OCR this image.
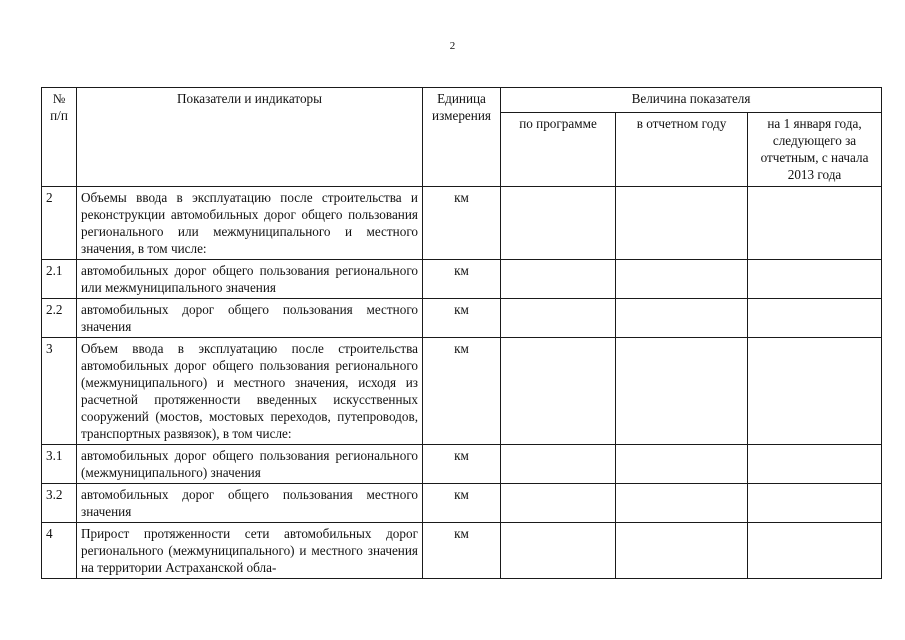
2
№ п/п	Показатели и индикаторы	Единица измерения	Величина показателя		
			по программе	в отчетном году	на 1 января года, следующего за отчетным, с начала 2013 года
2	Объемы ввода в эксплуатацию после строительства и реконструкции автомобильных дорог общего пользования регионального или межмуниципального и местного значения, в том числе:	км			
2.1	автомобильных дорог общего пользования регионального или межмуниципального значения	км			
2.2	автомобильных дорог общего пользования местного значения	км			
3	Объем ввода в эксплуатацию после строительства автомобильных дорог общего пользования регионального (межмуниципального) и местного значения, исходя из расчетной протяженности введенных искусственных сооружений (мостов, мостовых переходов, путепроводов, транспортных развязок), в том числе:	км			
3.1	автомобильных дорог общего пользования регионального (межмуниципального) значения	км			
3.2	автомобильных дорог общего пользования местного значения	км			
4	Прирост протяженности сети автомобильных дорог регионального (межмуниципального) и местного значения на территории Астраханской обла-	км			
